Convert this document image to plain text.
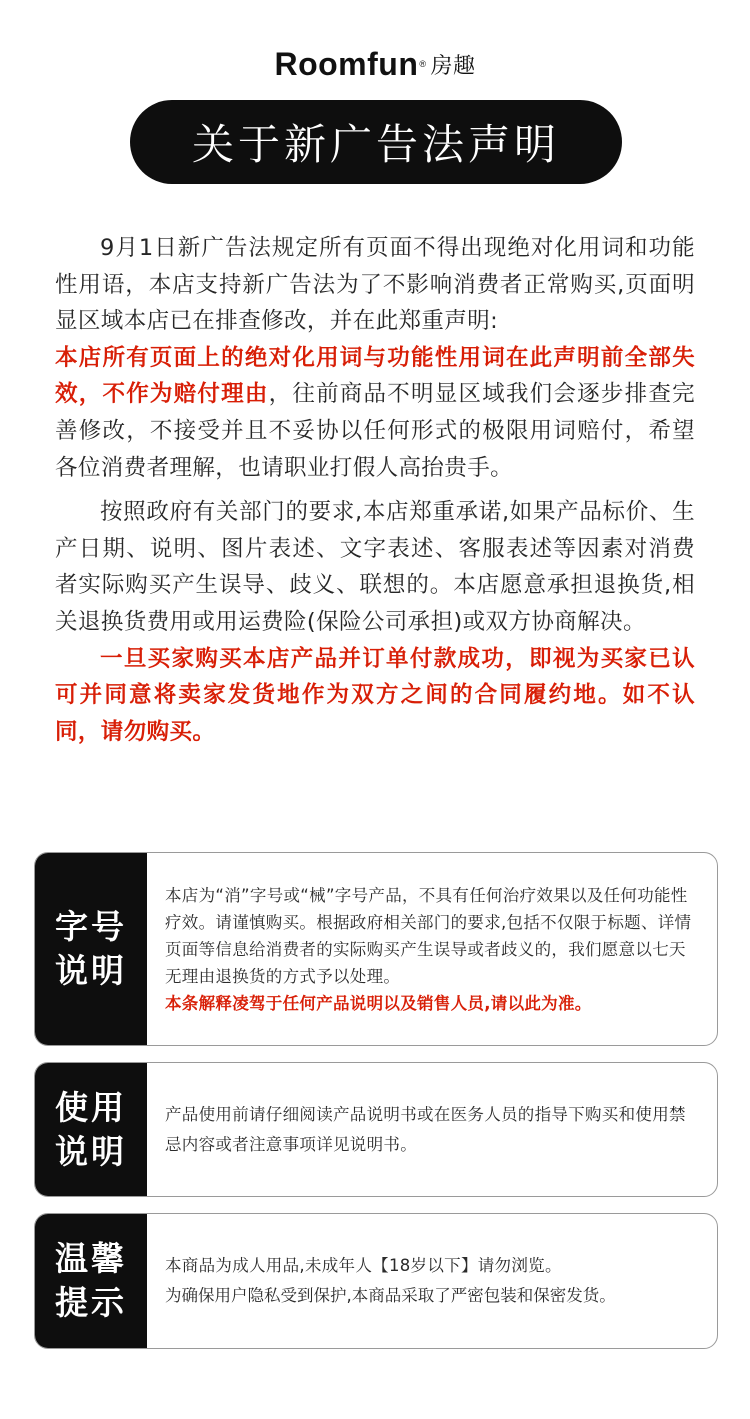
Roomfun ® 房趣
关于新广告法声明

9月1日新广告法规定所有页面不得出现绝对化用词和功能性用语，本店支持新广告法为了不影响消费者正常购买,页面明显区域本店已在排查修改，并在此郑重声明:
本店所有页面上的绝对化用词与功能性用词在此声明前全部失效，不作为赔付理由，往前商品不明显区域我们会逐步排查完善修改，不接受并且不妥协以任何形式的极限用词赔付，希望各位消费者理解，也请职业打假人高抬贵手。

按照政府有关部门的要求,本店郑重承诺,如果产品标价、生产日期、说明、图片表述、文字表述、客服表述等因素对消费者实际购买产生误导、歧义、联想的。本店愿意承担退换货,相关退换货费用或用运费险(保险公司承担)或双方协商解决。

一旦买家购买本店产品并订单付款成功，即视为买家已认可并同意将卖家发货地作为双方之间的合同履约地。如不认同，请勿购买。

字号
说明
本店为“消”字号或“械”字号产品，不具有任何治疗效果以及任何功能性疗效。请谨慎购买。根据政府相关部门的要求,包括不仅限于标题、详情页面等信息给消费者的实际购买产生误导或者歧义的，我们愿意以七天无理由退换货的方式予以处理。
本条解释凌驾于任何产品说明以及销售人员,请以此为准。
使用
说明
产品使用前请仔细阅读产品说明书或在医务人员的指导下购买和使用禁忌内容或者注意事项详见说明书。
温馨
提示
本商品为成人用品,未成年人【18岁以下】请勿浏览。
为确保用户隐私受到保护,本商品采取了严密包装和保密发货。
